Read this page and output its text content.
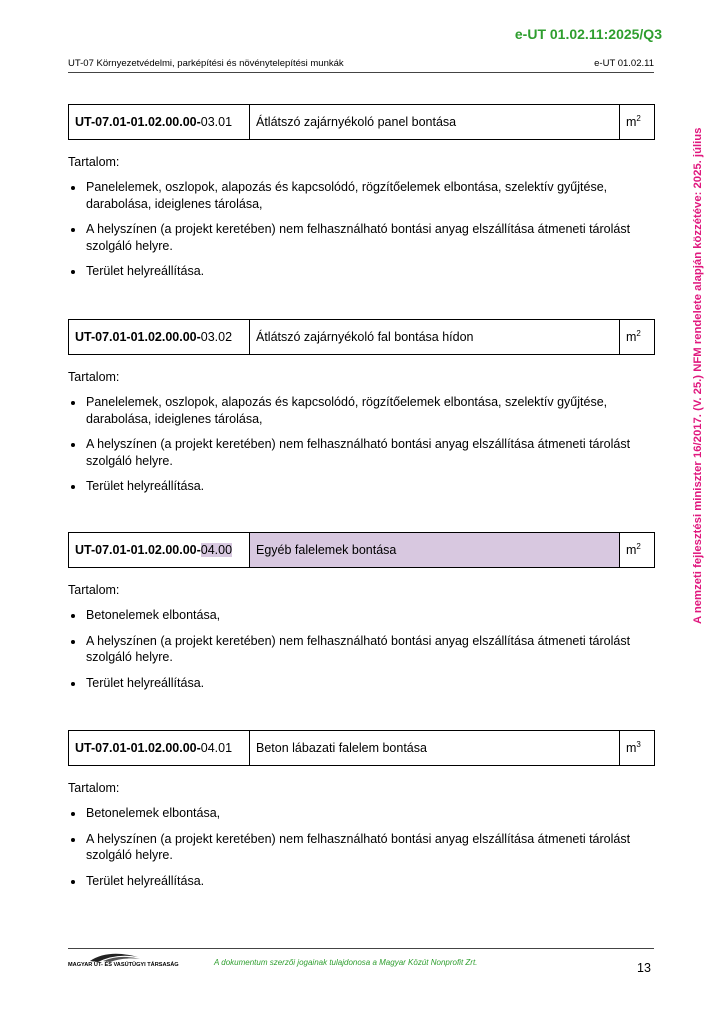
e-UT 01.02.11:2025/Q3
UT-07 Környezetvédelmi, parképítési és növénytelepítési munkák	e-UT 01.02.11
A nemzeti fejlesztési miniszter 16/2017. (V. 25.) NFM rendelete alapján közzétéve: 2025. július
UT-07.01-01.02.00.00-03.01	Átlátszó zajárnyékoló panel bontása	$m^2$

Tartalom:

• Panelelemek, oszlopok, alapozás és kapcsolódó, rögzítőelemek elbontása, szelektív gyűjtése, darabolása, ideiglenes tárolása,
• A helyszínen (a projekt keretében) nem felhasználható bontási anyag elszállítása átmeneti tárolást szolgáló helyre.
• Terület helyreállítása.
UT-07.01-01.02.00.00-03.02	Átlátszó zajárnyékoló fal bontása hídon	$m^2$

Tartalom:

• Panelelemek, oszlopok, alapozás és kapcsolódó, rögzítőelemek elbontása, szelektív gyűjtése, darabolása, ideiglenes tárolása,
• A helyszínen (a projekt keretében) nem felhasználható bontási anyag elszállítása átmeneti tárolást szolgáló helyre.
• Terület helyreállítása.
UT-07.01-01.02.00.00-04.00	Egyéb falelemek bontása	$m^2$

Tartalom:

• Betonelemek elbontása,
• A helyszínen (a projekt keretében) nem felhasználható bontási anyag elszállítása átmeneti tárolást szolgáló helyre.
• Terület helyreállítása.
UT-07.01-01.02.00.00-04.01	Beton lábazati falelem bontása	$m^3$

Tartalom:

• Betonelemek elbontása,
• A helyszínen (a projekt keretében) nem felhasználható bontási anyag elszállítása átmeneti tárolást szolgáló helyre.
• Terület helyreállítása.
MAGYAR ÚT- ÉS VASÚTÜGYI TÁRSASÁG	A dokumentum szerzői jogainak tulajdonosa a Magyar Közút Nonprofit Zrt.	13
